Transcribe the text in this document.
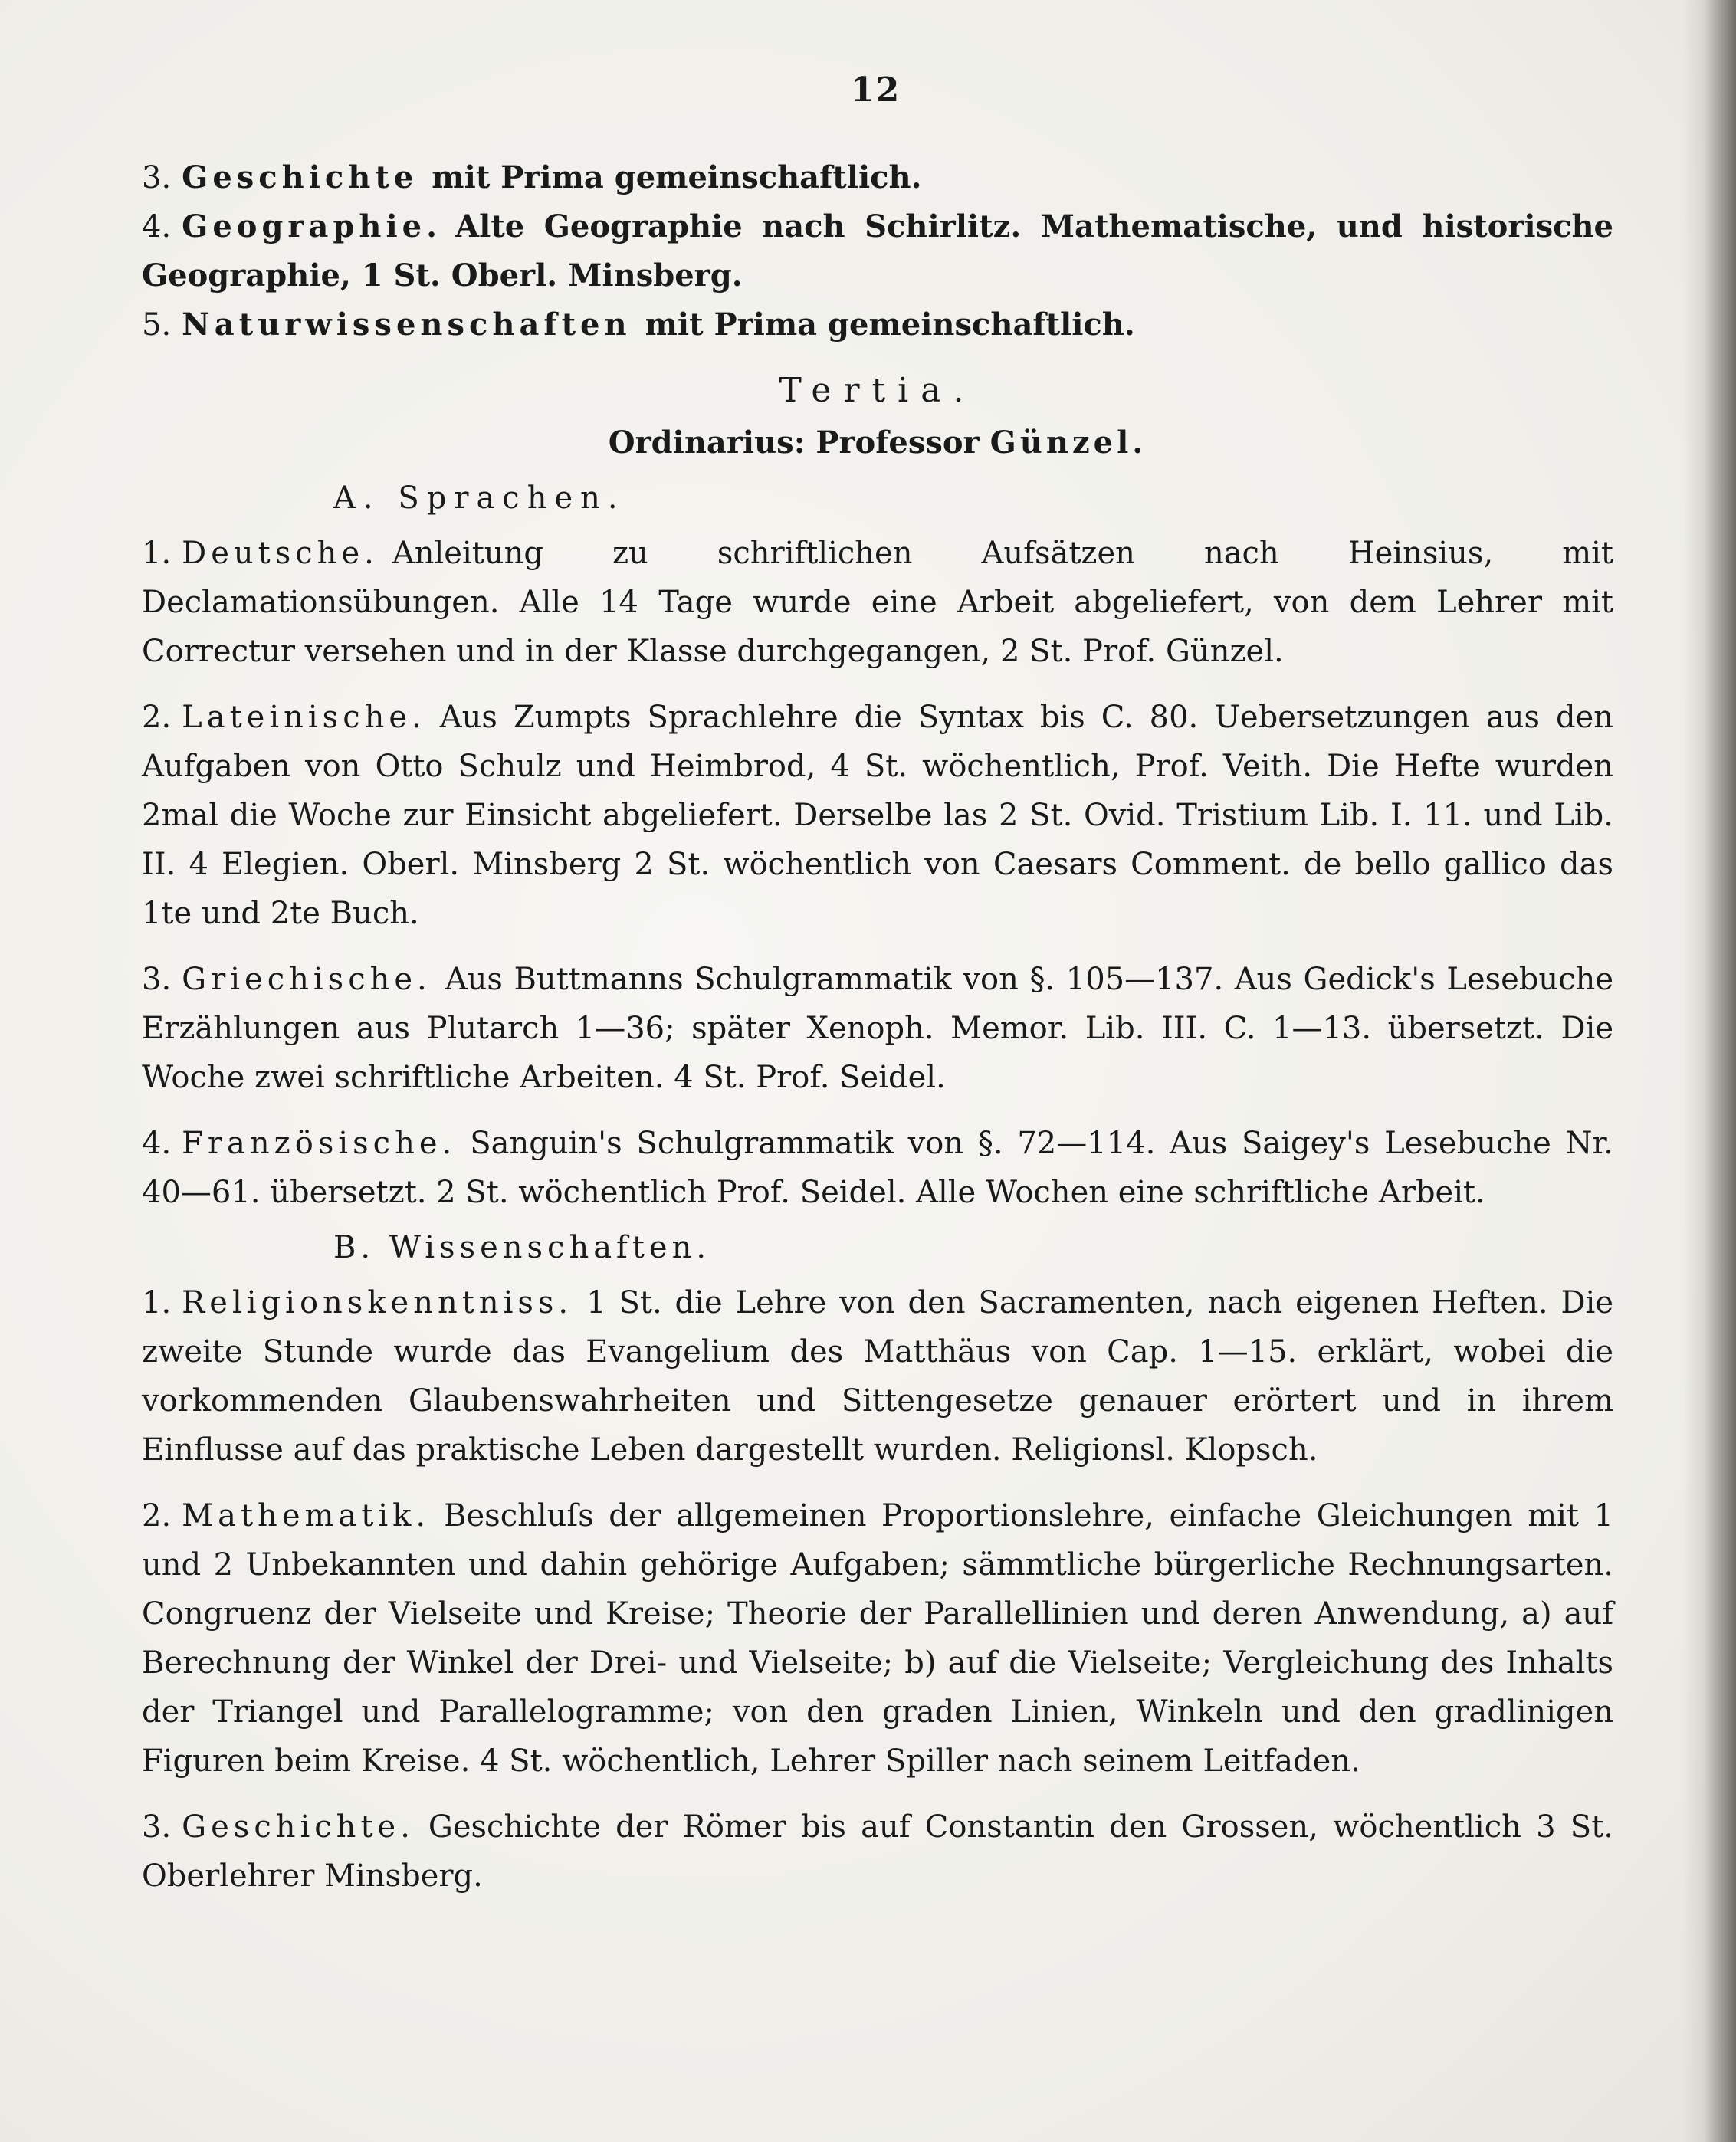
12

3. Geschichte mit Prima gemeinschaftlich.

4. Geographie. Alte Geographie nach Schirlitz. Mathematische, und historische Geographie, 1 St. Oberl. Minsberg.

5. Naturwissenschaften mit Prima gemeinschaftlich.

Tertia.

Ordinarius: Professor Günzel.

A. Sprachen.

1. Deutsche. Anleitung zu schriftlichen Aufsätzen nach Heinsius, mit Declamationsübungen. Alle 14 Tage wurde eine Arbeit abgeliefert, von dem Lehrer mit Correctur versehen und in der Klasse durchgegangen, 2 St. Prof. Günzel.

2. Lateinische. Aus Zumpts Sprachlehre die Syntax bis C. 80. Uebersetzungen aus den Aufgaben von Otto Schulz und Heimbrod, 4 St. wöchentlich, Prof. Veith. Die Hefte wurden 2mal die Woche zur Einsicht abgeliefert. Derselbe las 2 St. Ovid. Tristium Lib. I. 11. und Lib. II. 4 Elegien. Oberl. Minsberg 2 St. wöchentlich von Caesars Comment. de bello gallico das 1te und 2te Buch.

3. Griechische. Aus Buttmanns Schulgrammatik von §. 105—137. Aus Gedick's Lesebuche Erzählungen aus Plutarch 1—36; später Xenoph. Memor. Lib. III. C. 1—13. übersetzt. Die Woche zwei schriftliche Arbeiten. 4 St. Prof. Seidel.

4. Französische. Sanguin's Schulgrammatik von §. 72—114. Aus Saigey's Lesebuche Nr. 40—61. übersetzt. 2 St. wöchentlich Prof. Seidel. Alle Wochen eine schriftliche Arbeit.

B. Wissenschaften.

1. Religionskenntniss. 1 St. die Lehre von den Sacramenten, nach eigenen Heften. Die zweite Stunde wurde das Evangelium des Matthäus von Cap. 1—15. erklärt, wobei die vorkommenden Glaubenswahrheiten und Sittengesetze genauer erörtert und in ihrem Einflusse auf das praktische Leben dargestellt wurden. Religionsl. Klopsch.

2. Mathematik. Beschluſs der allgemeinen Proportionslehre, einfache Gleichungen mit 1 und 2 Unbekannten und dahin gehörige Aufgaben; sämmtliche bürgerliche Rechnungsarten. Congruenz der Vielseite und Kreise; Theorie der Parallellinien und deren Anwendung, a) auf Berechnung der Winkel der Drei- und Vielseite; b) auf die Vielseite; Vergleichung des Inhalts der Triangel und Parallelogramme; von den graden Linien, Winkeln und den gradlinigen Figuren beim Kreise. 4 St. wöchentlich, Lehrer Spiller nach seinem Leitfaden.

3. Geschichte. Geschichte der Römer bis auf Constantin den Grossen, wöchentlich 3 St. Oberlehrer Minsberg.
